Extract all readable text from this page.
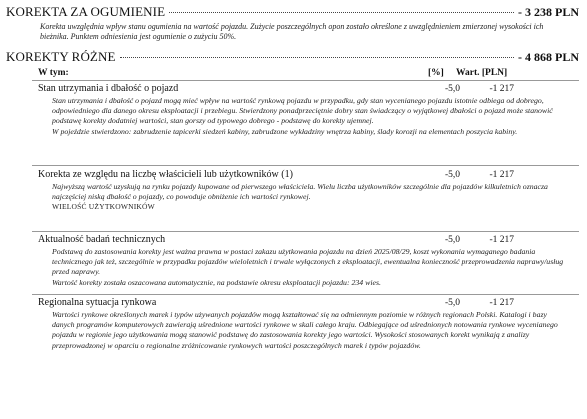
KOREKTA ZA OGUMIENIE	- 3 238 PLN
Korekta uwzględnia wpływ stanu ogumienia na wartość pojazdu. Zużycie poszczególnych opon zostało określone z uwzględnieniem zmierzonej wysokości ich bieżnika. Punktem odniesienia jest ogumienie o zużyciu 50%.
KOREKTY RÓŻNE	- 4 868 PLN
W tym:	[%] Wart. [PLN]
Stan utrzymania i dbałość o pojazd	-5,0	-1 217

Stan utrzymania i dbałość o pojazd mogą mieć wpływ na wartość rynkową pojazdu w przypadku, gdy stan wycenianego pojazdu istotnie odbiega od dobrego, odpowiedniego dla danego okresu eksploatacji i przebiegu. Stwierdzony ponadprzeciętnie dobry stan świadczący o wyjątkowej dbałości o pojazd może stanowić podstawę korekty dodatniej wartości, stan gorszy od typowego dobrego - podstawę do korekty ujemnej.

W pojeździe stwierdzono: zabrudzenie tapicerki siedzeń kabiny, zabrudzone wykładziny wnętrza kabiny, ślady korozji na elementach poszycia kabiny.

Korekta ze względu na liczbę właścicieli lub użytkowników (1)	-5,0	-1 217

Najwyższą wartość uzyskują na rynku pojazdy kupowane od pierwszego właściciela. Wielu liczba użytkowników szczególnie dla pojazdów kilkuletnich oznacza najczęściej niską dbałość o pojazdy, co powoduje obniżenie ich wartości rynkowej.

WIELOŚĆ UŻYTKOWNIKÓW

Aktualność badań technicznych	-5,0	-1 217

Podstawą do zastosowania korekty jest ważna prawna w postaci zakazu użytkowania pojazdu na dzień 2025/08/29, koszt wykonania wymaganego badania technicznego jak też, szczególnie w przypadku pojazdów wieloletnich i trwale wyłączonych z eksploatacji, ewentualna konieczność przeprowadzenia naprawy/usług przed naprawy.

Wartość korekty została oszacowana automatycznie, na podstawie okresu eksploatacji pojazdu: 234 wies.

Regionalna sytuacja rynkowa	-5,0	-1 217

Wartości rynkowe określonych marek i typów używanych pojazdów mogą kształtować się na odmiennym poziomie w różnych regionach Polski. Katalogi i bazy danych programów komputerowych zawierają uśrednione wartości rynkowe w skali całego kraju. Odbiegające od uśrednionych notowania rynkowe wycenianego pojazdu w regionie jego użytkowania mogą stanowić podstawę do zastosowania korekty jego wartości. Wysokości stosowanych korekt wynikają z analizy przeprowadzonej w oparciu o regionalne zróżnicowanie rynkowych wartości poszczególnych marek i typów pojazdów.
